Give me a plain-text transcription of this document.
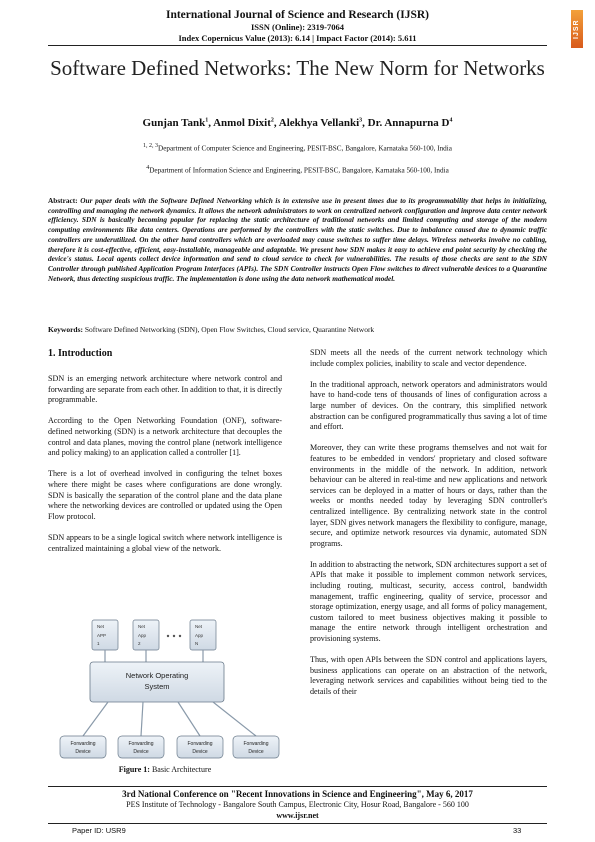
International Journal of Science and Research (IJSR)
ISSN (Online): 2319-7064
Index Copernicus Value (2013): 6.14 | Impact Factor (2014): 5.611	IJSR
Software Defined Networks: The New Norm for Networks
Gunjan Tank$^1$, Anmol Dixit$^2$, Alekhya Vellanki$^3$, Dr. Annapurna $D^4$
$^{1, 2, 3}$Department of Computer Science and Engineering, PESIT-BSC, Bangalore, Karnataka 560-100, India
$^4$Department of Information Science and Engineering, PESIT-BSC, Bangalore, Karnataka 560-100, India
Abstract: Our paper deals with the Software Defined Networking which is in extensive use in present times due to its programmability that helps in initializing, controlling and managing the network dynamics. It allows the network administrators to work on centralized network configuration and improve data center network efficiency. SDN is basically becoming popular for replacing the static architecture of traditional networks and limited computing and storage of the modern computing environments like data centers. Operations are performed by the controllers with the static switches. Due to imbalance caused due to dynamic traffic controllers are underutilized. On the other hand controllers which are overloaded may cause switches to suffer time delays. Wireless networks involve no cabling, therefore it is cost-effective, efficient, easy-installable, manageable and adaptable. We present how SDN makes it easy to achieve end point security by checking the device's status. Local agents collect device information and send to cloud service to check for vulnerabilities. The results of those checks are sent to the SDN Controller through published Application Program Interfaces (APIs). The SDN Controller instructs Open Flow switches to direct vulnerable devices to a Quarantine Network, thus detecting suspicious traffic. The implementation is done using the data network mathematical model.
Keywords: Software Defined Networking (SDN), Open Flow Switches, Cloud service, Quarantine Network
1. Introduction

SDN is an emerging network architecture where network control and forwarding are separate from each other. In addition to that, it is directly programmable.

According to the Open Networking Foundation (ONF), software-defined networking (SDN) is a network architecture that decouples the control and data planes, moving the control plane (network intelligence and policy making) to an application called a controller [1].

There is a lot of overhead involved in configuring the telnet boxes where there might be cases where configurations are done wrongly. SDN is basically the separation of the control plane and the data plane where the networking devices are controlled or updated using the Open Flow protocol.

SDN appears to be a single logical switch where network intelligence is centralized maintaining a global view of the network.

Net
APP
1
Net
App
2
Net
App
N
Network Operating
System
Forwarding
Device
Forwarding
Device
Forwarding
Device
Forwarding
Device
Figure 1: Basic Architecture

SDN meets all the needs of the current network technology which include complex policies, inability to scale and vector dependence.

In the traditional approach, network operators and administrators would have to hand-code tens of thousands of lines of configuration across a large number of devices. On the contrary, this simplified network abstraction can be configured programmatically thus saving a lot of time and effort.

Moreover, they can write these programs themselves and not wait for features to be embedded in vendors' proprietary and closed software environments in the middle of the network. In addition, network behaviour can be altered in real-time and new applications and network services can be deployed in a matter of hours or days, rather than the weeks or months needed today by leveraging SDN controller's centralized intelligence. By centralizing network state in the control layer, SDN gives network managers the flexibility to configure, manage, secure, and optimize network resources via dynamic, automated SDN programs.

In addition to abstracting the network, SDN architectures support a set of APIs that make it possible to implement common network services, including routing, multicast, security, access control, bandwidth management, traffic engineering, quality of service, processor and storage optimization, energy usage, and all forms of policy management, custom tailored to meet business objectives making it possible to manage the entire network through intelligent orchestration and provisioning systems.

Thus, with open APIs between the SDN control and applications layers, business applications can operate on an abstraction of the network, leveraging network services and capabilities without being tied to the details of their

3rd National Conference on "Recent Innovations in Science and Engineering", May 6, 2017
PES Institute of Technology - Bangalore South Campus, Electronic City, Hosur Road, Bangalore - 560 100
www.ijsr.net
Paper ID: USR9	33
